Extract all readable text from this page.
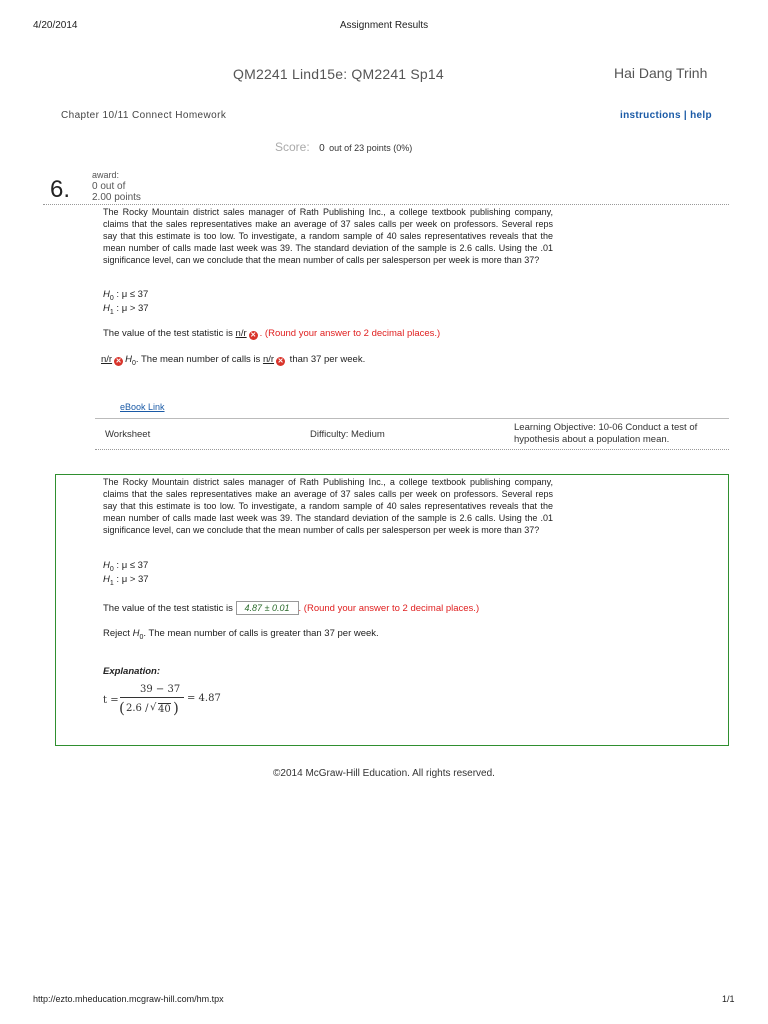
4/20/2014	Assignment Results
QM2241 Lind15e: QM2241 Sp14	Hai Dang Trinh
Chapter 10/11 Connect Homework	instructions | help
Score: 0 out of 23 points (0%)
6.
award:
0 out of
2.00 points
The Rocky Mountain district sales manager of Rath Publishing Inc., a college textbook publishing company, claims that the sales representatives make an average of 37 sales calls per week on professors. Several reps say that this estimate is too low. To investigate, a random sample of 40 sales representatives reveals that the mean number of calls made last week was 39. The standard deviation of the sample is 2.6 calls. Using the .01 significance level, can we conclude that the mean number of calls per salesperson per week is more than 37?
$H_0$ : μ ≤ 37
$H_1$ : μ > 37
The value of the test statistic is n/r ✕ . (Round your answer to 2 decimal places.)
n/r ✕ $H_0$. The mean number of calls is n/r ✕ than 37 per week.
eBook Link
Worksheet	Difficulty: Medium
Learning Objective: 10-06 Conduct a test of hypothesis about a population mean.
The Rocky Mountain district sales manager of Rath Publishing Inc., a college textbook publishing company, claims that the sales representatives make an average of 37 sales calls per week on professors. Several reps say that this estimate is too low. To investigate, a random sample of 40 sales representatives reveals that the mean number of calls made last week was 39. The standard deviation of the sample is 2.6 calls. Using the .01 significance level, can we conclude that the mean number of calls per salesperson per week is more than 37?
$H_0$ : μ ≤ 37
$H_1$ : μ > 37
The value of the test statistic is 4.87 ± 0.01 . (Round your answer to 2 decimal places.)
Reject $H_0$. The mean number of calls is greater than 37 per week.
Explanation:
t =
39 − 37
( 2.6 / √ 40 )
= 4.87
©2014 McGraw-Hill Education. All rights reserved.
http://ezto.mheducation.mcgraw-hill.com/hm.tpx	1/1
